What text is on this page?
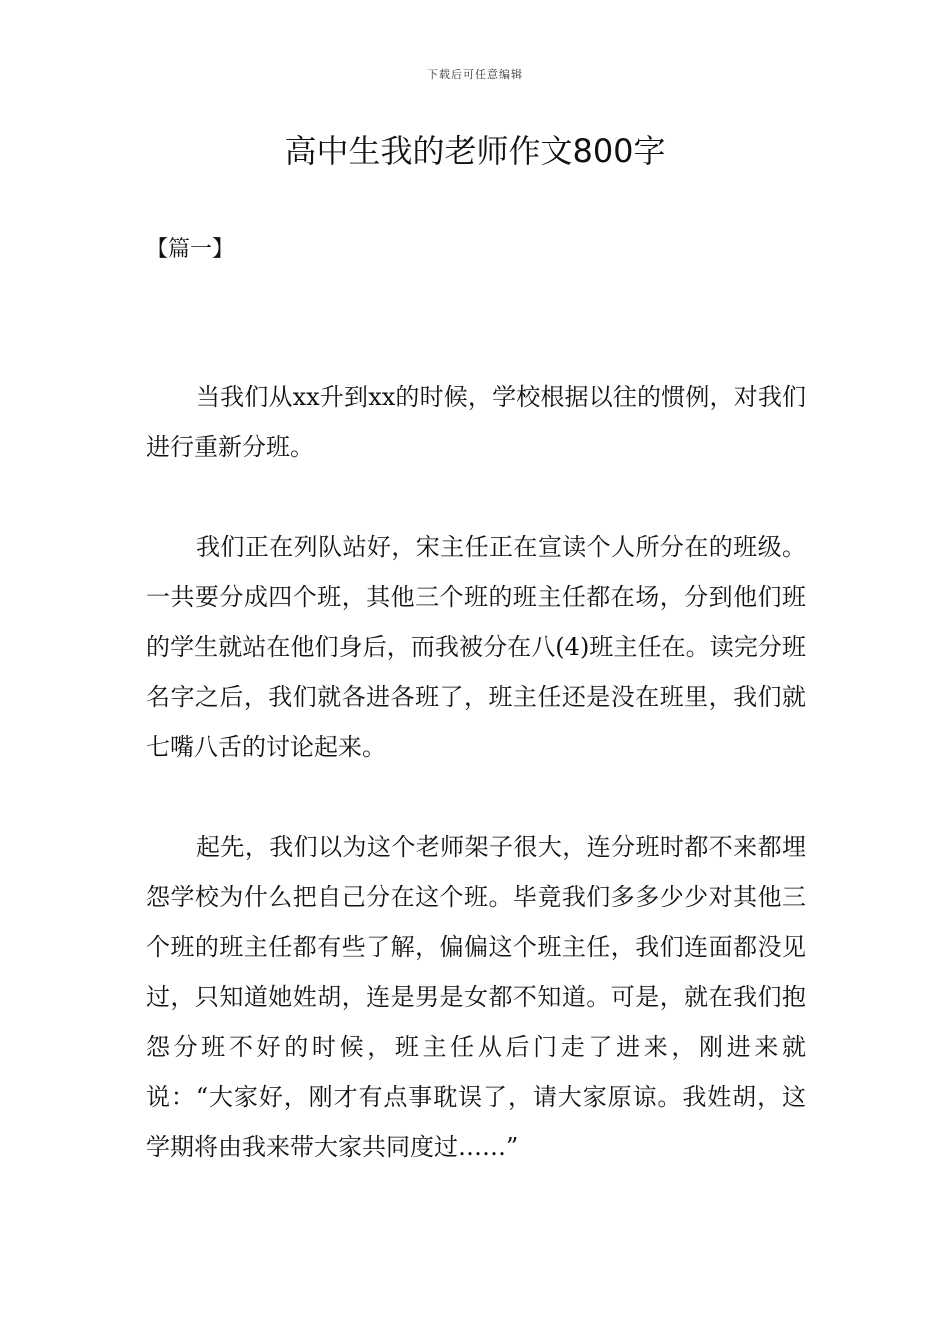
下载后可任意编辑
高中生我的老师作文800字
【篇一】

当我们从xx升到xx的时候，学校根据以往的惯例，对我们进行重新分班。

我们正在列队站好，宋主任正在宣读个人所分在的班级。一共要分成四个班，其他三个班的班主任都在场，分到他们班的学生就站在他们身后，而我被分在八(4)班主任在。读完分班名字之后，我们就各进各班了，班主任还是没在班里，我们就七嘴八舌的讨论起来。

起先，我们以为这个老师架子很大，连分班时都不来都埋怨学校为什么把自己分在这个班。毕竟我们多多少少对其他三个班的班主任都有些了解，偏偏这个班主任，我们连面都没见过，只知道她姓胡，连是男是女都不知道。可是，就在我们抱怨分班不好的时候，班主任从后门走了进来，刚进来就说：“大家好，刚才有点事耽误了，请大家原谅。我姓胡，这学期将由我来带大家共同度过……”
